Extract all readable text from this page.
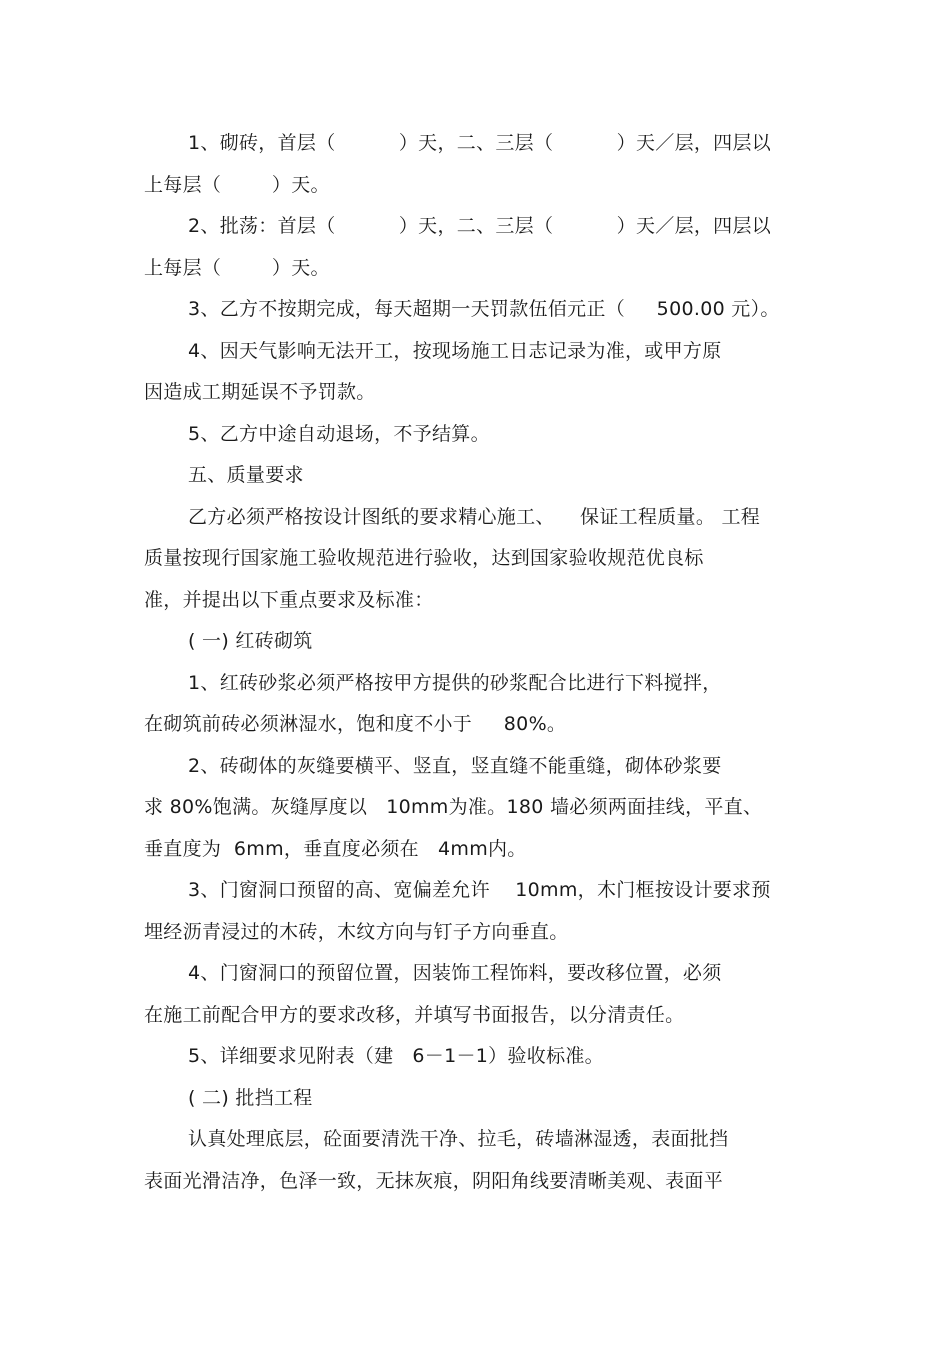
1、砌砖，首层（          ）天，二、三层（          ）天／层，四层以
上每层（        ）天。
2、批荡：首层（          ）天，二、三层（          ）天／层，四层以
上每层（        ）天。
3、乙方不按期完成，每天超期一天罚款伍佰元正（     500.00 元）。
4、因天气影响无法开工，按现场施工日志记录为准，或甲方原
因造成工期延误不予罚款。
5、乙方中途自动退场，不予结算。
五、质量要求
乙方必须严格按设计图纸的要求精心施工、    保证工程质量。 工程
质量按现行国家施工验收规范进行验收，达到国家验收规范优良标
准，并提出以下重点要求及标准：
( 一) 红砖砌筑
1、红砖砂浆必须严格按甲方提供的砂浆配合比进行下料搅拌，
在砌筑前砖必须淋湿水，饱和度不小于     80%。
2、砖砌体的灰缝要横平、竖直，竖直缝不能重缝，砌体砂浆要
求 80%饱满。灰缝厚度以   10mm为准。180 墙必须两面挂线，平直、
垂直度为  6mm，垂直度必须在   4mm内。
3、门窗洞口预留的高、宽偏差允许    10mm，木门框按设计要求预
埋经沥青浸过的木砖，木纹方向与钉子方向垂直。
4、门窗洞口的预留位置，因装饰工程饰料，要改移位置，必须
在施工前配合甲方的要求改移，并填写书面报告，以分清责任。
5、详细要求见附表（建   6－1－1）验收标准。
( 二) 批挡工程
认真处理底层，砼面要清洗干净、拉毛，砖墙淋湿透，表面批挡
表面光滑洁净，色泽一致，无抹灰痕，阴阳角线要清晰美观、表面平
